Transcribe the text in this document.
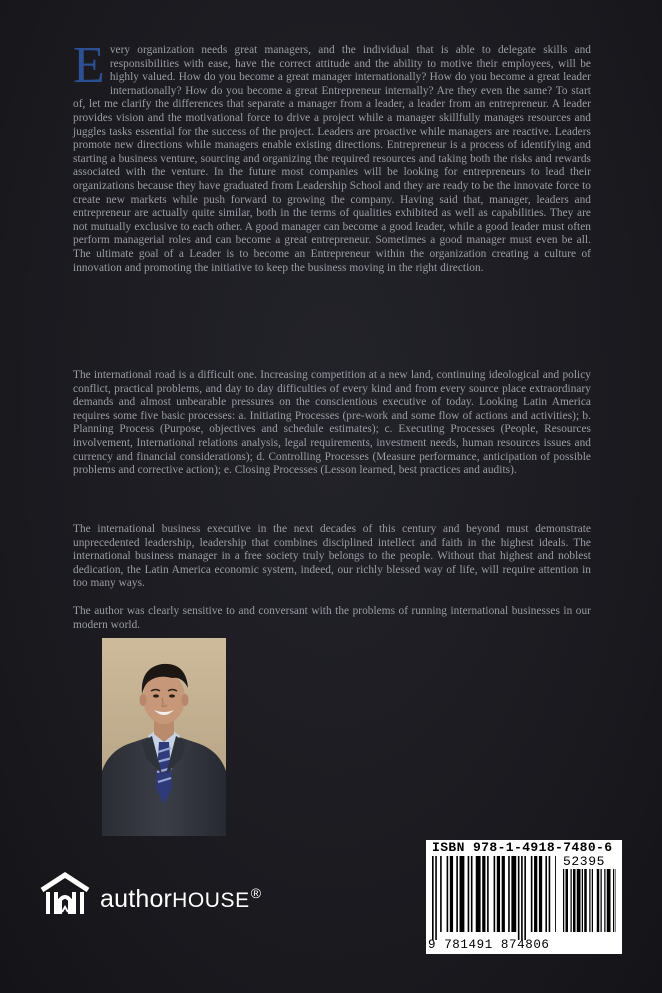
Every organization needs great managers, and the individual that is able to delegate skills and responsibilities with ease, have the correct attitude and the ability to motive their employees, will be highly valued. How do you become a great manager internationally? How do you become a great leader internationally? How do you become a great Entrepreneur internally? Are they even the same? To start of, let me clarify the differences that separate a manager from a leader, a leader from an entrepreneur. A leader provides vision and the motivational force to drive a project while a manager skillfully manages resources and juggles tasks essential for the success of the project. Leaders are proactive while managers are reactive. Leaders promote new directions while managers enable existing directions. Entrepreneur is a process of identifying and starting a business venture, sourcing and organizing the required resources and taking both the risks and rewards associated with the venture. In the future most companies will be looking for entrepreneurs to lead their organizations because they have graduated from Leadership School and they are ready to be the innovate force to create new markets while push forward to growing the company. Having said that, manager, leaders and entrepreneur are actually quite similar, both in the terms of qualities exhibited as well as capabilities. They are not mutually exclusive to each other. A good manager can become a good leader, while a good leader must often perform managerial roles and can become a great entrepreneur. Sometimes a good manager must even be all. The ultimate goal of a Leader is to become an Entrepreneur within the organization creating a culture of innovation and promoting the initiative to keep the business moving in the right direction.

The international road is a difficult one. Increasing competition at a new land, continuing ideological and policy conflict, practical problems, and day to day difficulties of every kind and from every source place extraordinary demands and almost unbearable pressures on the conscientious executive of today. Looking Latin America requires some five basic processes: a. Initiating Processes (pre-work and some flow of actions and activities); b. Planning Process (Purpose, objectives and schedule estimates); c. Executing Processes (People, Resources involvement, International relations analysis, legal requirements, investment needs, human resources issues and currency and financial considerations); d. Controlling Processes (Measure performance, anticipation of possible problems and corrective action); e. Closing Processes (Lesson learned, best practices and audits).

The international business executive in the next decades of this century and beyond must demonstrate unprecedented leadership, leadership that combines disciplined intellect and faith in the highest ideals. The international business manager in a free society truly belongs to the people. Without that highest and noblest dedication, the Latin America economic system, indeed, our richly blessed way of life, will require attention in too many ways.

The author was clearly sensitive to and conversant with the problems of running international businesses in our modern world.

authorHOUSE®
ISBN 978-1-4918-7480-6
52395
9 781491 874806
